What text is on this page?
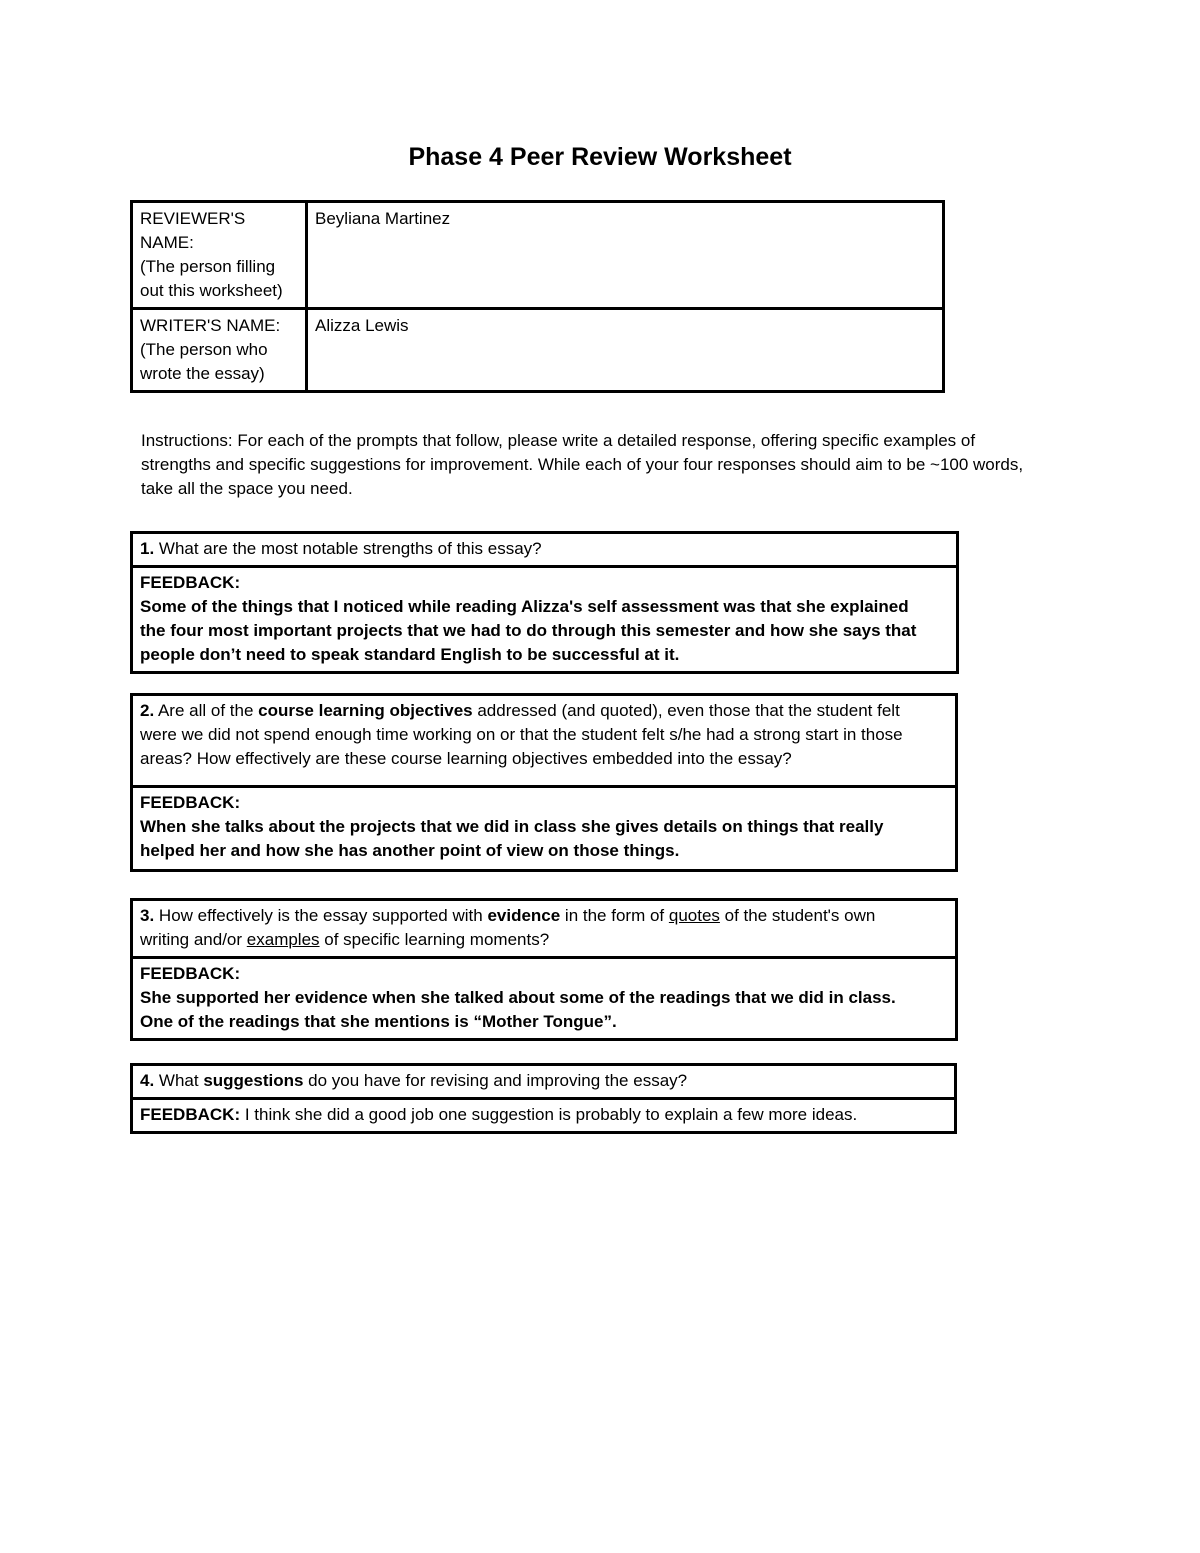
Phase 4 Peer Review Worksheet
REVIEWER'S
NAME:
(The person filling
out this worksheet)	Beyliana Martinez

WRITER'S NAME:
(The person who
wrote the essay)	Alizza Lewis
Instructions: For each of the prompts that follow, please write a detailed response, offering specific examples of
strengths and specific suggestions for improvement. While each of your four responses should aim to be ~100 words,
take all the space you need.
1. What are the most notable strengths of this essay?

FEEDBACK:
Some of the things that I noticed while reading Alizza's self assessment was that she explained
the four most important projects that we had to do through this semester and how she says that
people don’t need to speak standard English to be successful at it.
2. Are all of the course learning objectives addressed (and quoted), even those that the student felt
were we did not spend enough time working on or that the student felt s/he had a strong start in those
areas? How effectively are these course learning objectives embedded into the essay?

FEEDBACK:
When she talks about the projects that we did in class she gives details on things that really
helped her and how she has another point of view on those things.
3. How effectively is the essay supported with evidence in the form of quotes of the student's own
writing and/or examples of specific learning moments?

FEEDBACK:
She supported her evidence when she talked about some of the readings that we did in class.
One of the readings that she mentions is “Mother Tongue”.
4. What suggestions do you have for revising and improving the essay?
FEEDBACK: I think she did a good job one suggestion is probably to explain a few more ideas.
